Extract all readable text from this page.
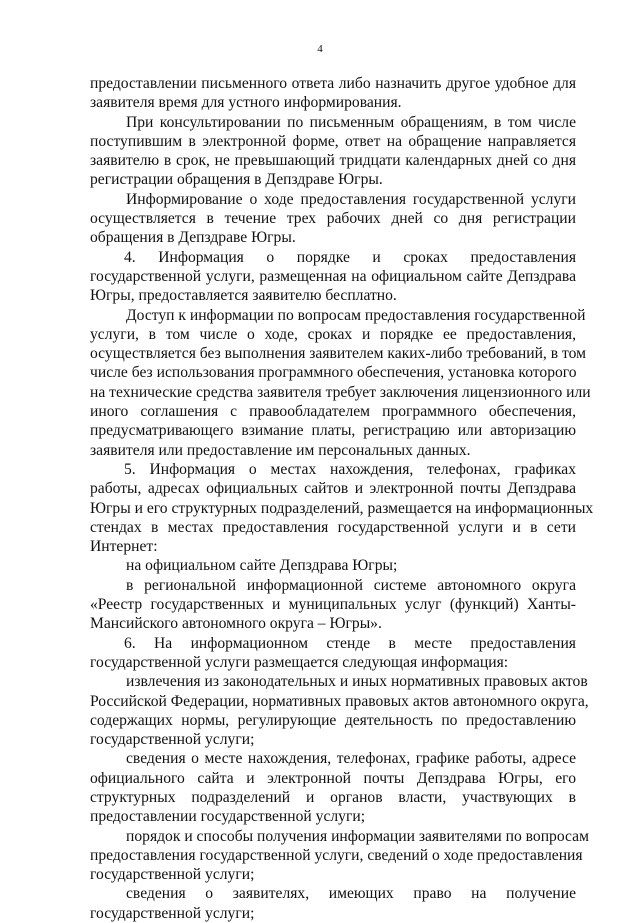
4
предоставлении письменного ответа либо назначить другое удобное для
заявителя время для устного информирования.
При консультировании по письменным обращениям, в том числе
поступившим в электронной форме, ответ на обращение направляется
заявителю в срок, не превышающий тридцати календарных дней со дня
регистрации обращения в Депздраве Югры.
Информирование о ходе предоставления государственной услуги
осуществляется в течение трех рабочих дней со дня регистрации
обращения в Депздраве Югры.
4. Информация о порядке и сроках предоставления
государственной услуги, размещенная на официальном сайте Депздрава
Югры, предоставляется заявителю бесплатно.
Доступ к информации по вопросам предоставления государственной
услуги, в том числе о ходе, сроках и порядке ее предоставления,
осуществляется без выполнения заявителем каких-либо требований, в том
числе без использования программного обеспечения, установка которого
на технические средства заявителя требует заключения лицензионного или
иного соглашения с правообладателем программного обеспечения,
предусматривающего взимание платы, регистрацию или авторизацию
заявителя или предоставление им персональных данных.
5. Информация о местах нахождения, телефонах, графиках
работы, адресах официальных сайтов и электронной почты Депздрава
Югры и его структурных подразделений, размещается на информационных
стендах в местах предоставления государственной услуги и в сети
Интернет:
на официальном сайте Депздрава Югры;
в региональной информационной системе автономного округа
«Реестр государственных и муниципальных услуг (функций) Ханты-
Мансийского автономного округа – Югры».
6. На информационном стенде в месте предоставления
государственной услуги размещается следующая информация:
извлечения из законодательных и иных нормативных правовых актов
Российской Федерации, нормативных правовых актов автономного округа,
содержащих нормы, регулирующие деятельность по предоставлению
государственной услуги;
сведения о месте нахождения, телефонах, графике работы, адресе
официального сайта и электронной почты Депздрава Югры, его
структурных подразделений и органов власти, участвующих в
предоставлении государственной услуги;
порядок и способы получения информации заявителями по вопросам
предоставления государственной услуги, сведений о ходе предоставления
государственной услуги;
сведения о заявителях, имеющих право на получение
государственной услуги;
